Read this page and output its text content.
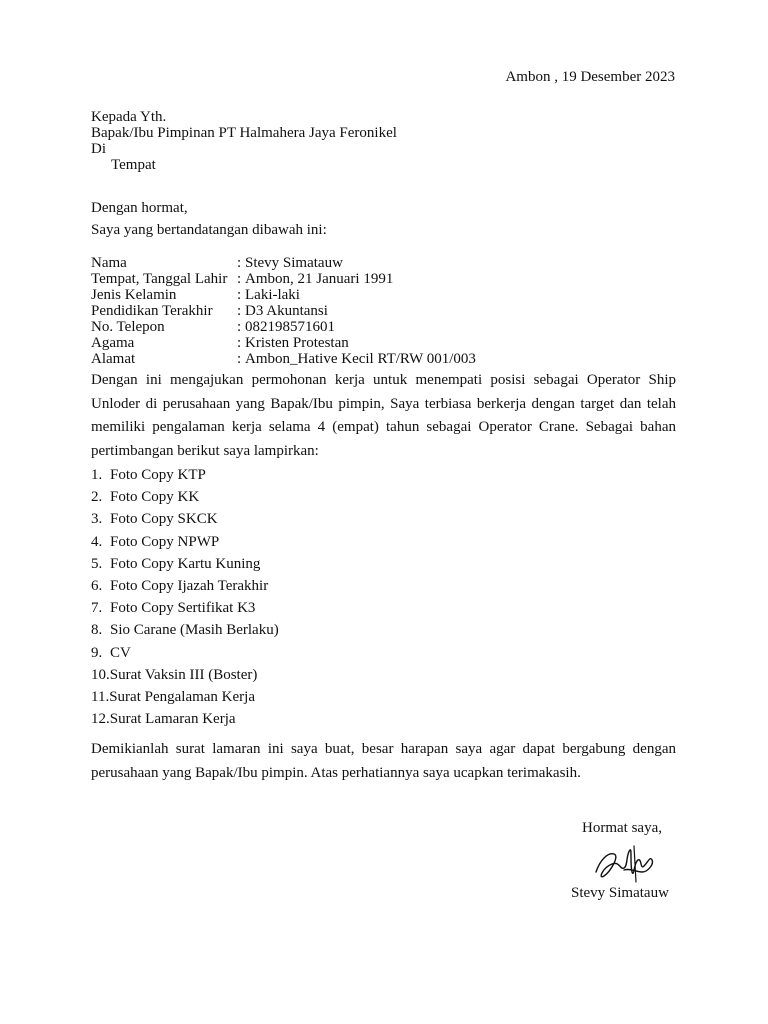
Ambon , 19 Desember 2023
Kepada Yth.
Bapak/Ibu Pimpinan PT Halmahera Jaya Feronikel
Di
Tempat
Dengan hormat,
Saya yang bertandatangan dibawah ini:
Nama	: Stevy Simatauw
Tempat, Tanggal Lahir : Ambon, 21 Januari 1991
Jenis Kelamin	: Laki-laki
Pendidikan Terakhir	: D3 Akuntansi
No. Telepon	: 082198571601
Agama	: Kristen Protestan
Alamat	: Ambon_Hative Kecil RT/RW 001/003
Dengan ini mengajukan permohonan kerja untuk menempati posisi sebagai Operator Ship Unloder di perusahaan yang Bapak/Ibu pimpin, Saya terbiasa berkerja dengan target dan telah memiliki pengalaman kerja selama 4 (empat) tahun sebagai Operator Crane. Sebagai bahan pertimbangan berikut saya lampirkan:
1. Foto Copy KTP
2. Foto Copy KK
3. Foto Copy SKCK
4. Foto Copy NPWP
5. Foto Copy Kartu Kuning
6. Foto Copy Ijazah Terakhir
7. Foto Copy Sertifikat K3
8. Sio Carane (Masih Berlaku)
9. CV
10. Surat Vaksin III (Boster)
11. Surat Pengalaman Kerja
12. Surat Lamaran Kerja
Demikianlah surat lamaran ini saya buat, besar harapan saya agar dapat bergabung dengan perusahaan yang Bapak/Ibu pimpin. Atas perhatiannya saya ucapkan terimakasih.
Hormat saya,
Stevy Simatauw
